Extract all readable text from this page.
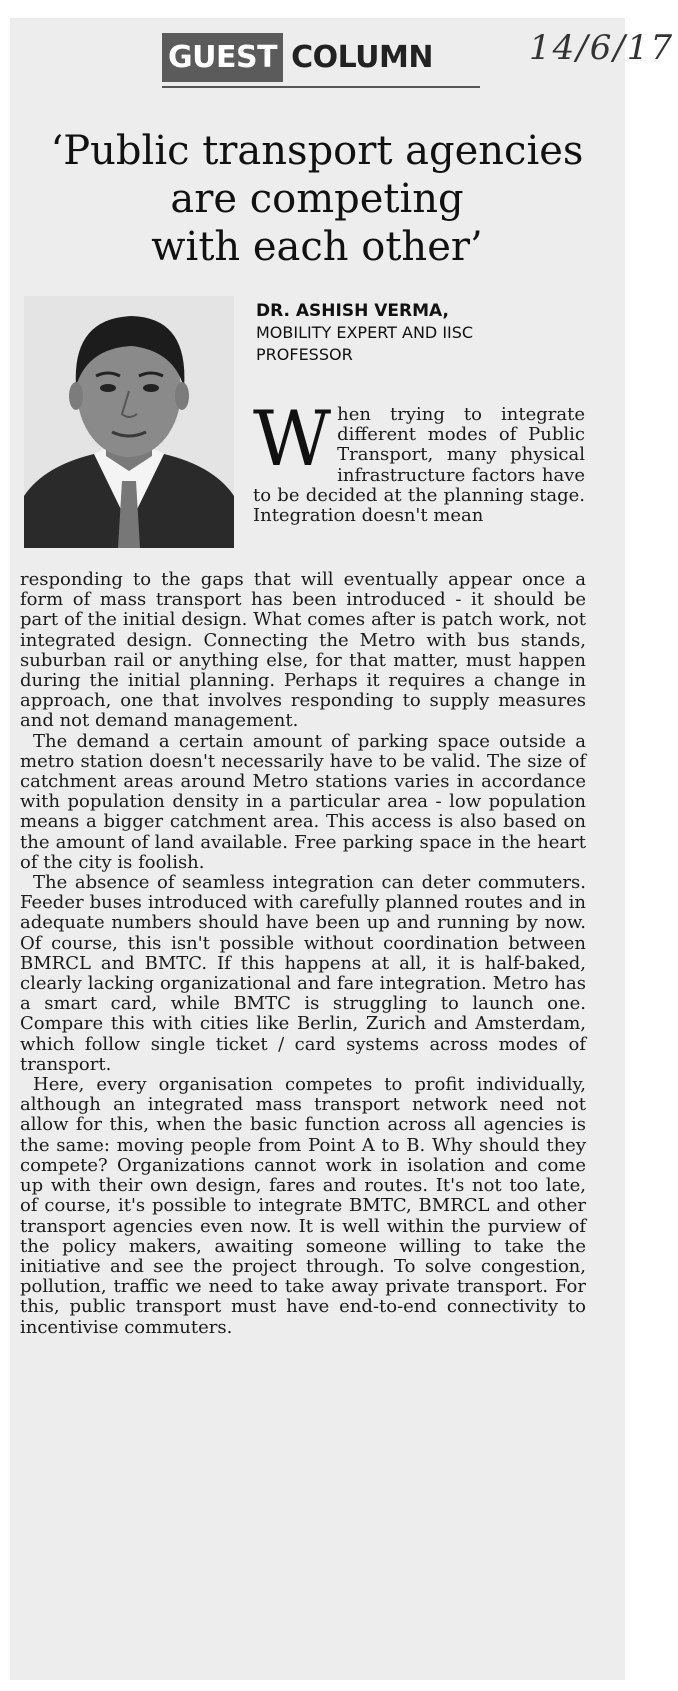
GUEST COLUMN	14/6/17
‘Public transport agencies
are competing
with each other’
DR. ASHISH VERMA,
MOBILITY EXPERT AND IISC
PROFESSOR
When trying to integrate different modes of Public Transport, many physical infrastructure factors have to be decided at the planning stage. Integration doesn't mean

responding to the gaps that will eventually appear once a form of mass transport has been introduced - it should be part of the initial design. What comes after is patch work, not integrated design. Connecting the Metro with bus stands, suburban rail or anything else, for that matter, must happen during the initial planning. Perhaps it requires a change in approach, one that involves responding to supply measures and not demand management.

The demand a certain amount of parking space outside a metro station doesn't necessarily have to be valid. The size of catchment areas around Metro stations varies in accordance with population density in a particular area - low population means a bigger catchment area. This access is also based on the amount of land available. Free parking space in the heart of the city is foolish.

The absence of seamless integration can deter commuters. Feeder buses introduced with carefully planned routes and in adequate numbers should have been up and running by now. Of course, this isn't possible without coordination between BMRCL and BMTC. If this happens at all, it is half-baked, clearly lacking organizational and fare integration. Metro has a smart card, while BMTC is struggling to launch one. Compare this with cities like Berlin, Zurich and Amsterdam, which follow single ticket / card systems across modes of transport.

Here, every organisation competes to profit individually, although an integrated mass transport network need not allow for this, when the basic function across all agencies is the same: moving people from Point A to B. Why should they compete? Organizations cannot work in isolation and come up with their own design, fares and routes. It's not too late, of course, it's possible to integrate BMTC, BMRCL and other transport agencies even now. It is well within the purview of the policy makers, awaiting someone willing to take the initiative and see the project through. To solve congestion, pollution, traffic we need to take away private transport. For this, public transport must have end-to-end connectivity to incentivise commuters.
